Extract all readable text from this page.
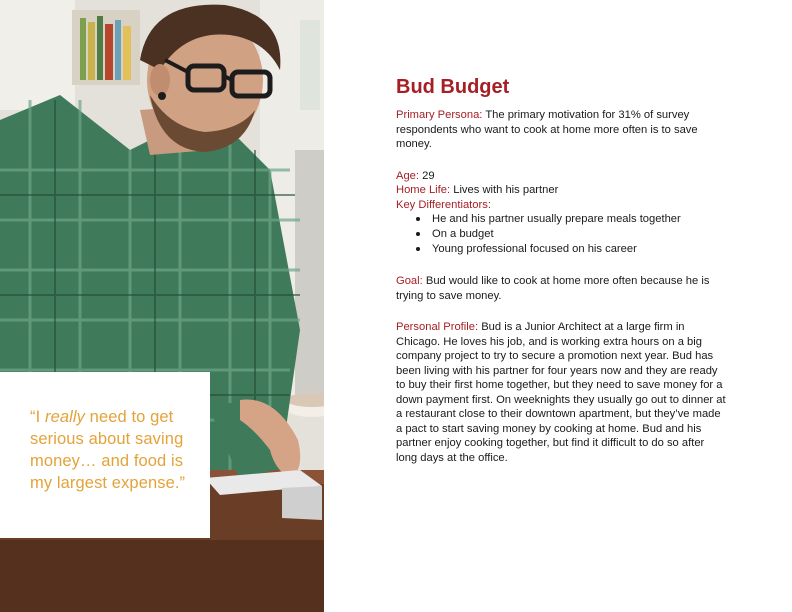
“I really need to get serious about saving money… and food is my largest expense.”

Bud Budget

Primary Persona: The primary motivation for 31% of survey respondents who want to cook at home more often is to save money.

Age: 29

Home Life: Lives with his partner

Key Differentiators:

He and his partner usually prepare meals together
On a budget
Young professional focused on his career

Goal: Bud would like to cook at home more often because he is trying to save money.

Personal Profile: Bud is a Junior Architect at a large firm in Chicago. He loves his job, and is working extra hours on a big company project to try to secure a promotion next year. Bud has been living with his partner for four years now and they are ready to buy their first home together, but they need to save money for a down payment first. On weeknights they usually go out to dinner at a restaurant close to their downtown apartment, but they’ve made a pact to start saving money by cooking at home. Bud and his partner enjoy cooking together, but find it difficult to do so after long days at the office.
